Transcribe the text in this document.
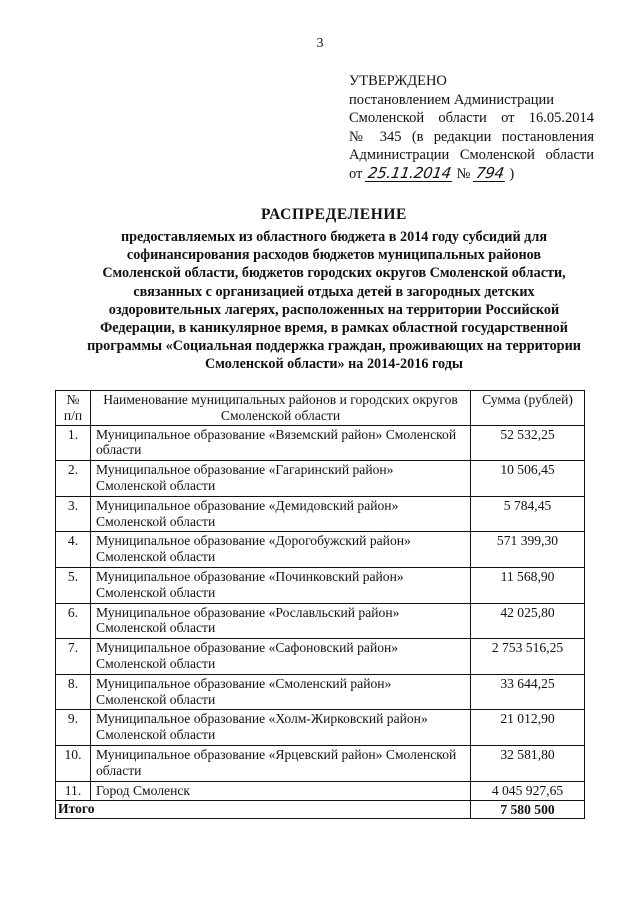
3
УТВЕРЖДЕНО
постановлением Администрации
Смоленской области от 16.05.2014
№ 345 (в редакции постановления
Администрации Смоленской области
от 25.11.2014 № 794 )
РАСПРЕДЕЛЕНИЕ
предоставляемых из областного бюджета в 2014 году субсидий для
софинансирования расходов бюджетов муниципальных районов
Смоленской области, бюджетов городских округов Смоленской области,
связанных с организацией отдыха детей в загородных детских
оздоровительных лагерях, расположенных на территории Российской
Федерации, в каникулярное время, в рамках областной государственной
программы «Социальная поддержка граждан, проживающих на территории
Смоленской области» на 2014-2016 годы
№ п/п	Наименование муниципальных районов и городских округов Смоленской области	Сумма (рублей)
1.	Муниципальное образование «Вяземский район» Смоленской области	52 532,25
2.	Муниципальное образование «Гагаринский район» Смоленской области	10 506,45
3.	Муниципальное образование «Демидовский район» Смоленской области	5 784,45
4.	Муниципальное образование «Дорогобужский район» Смоленской области	571 399,30
5.	Муниципальное образование «Починковский район» Смоленской области	11 568,90
6.	Муниципальное образование «Рославльский район» Смоленской области	42 025,80
7.	Муниципальное образование «Сафоновский район» Смоленской области	2 753 516,25
8.	Муниципальное образование «Смоленский район» Смоленской области	33 644,25
9.	Муниципальное образование «Холм-Жирковский район» Смоленской области	21 012,90
10.	Муниципальное образование «Ярцевский район» Смоленской области	32 581,80
11.	Город Смоленск	4 045 927,65
Итого		7 580 500
